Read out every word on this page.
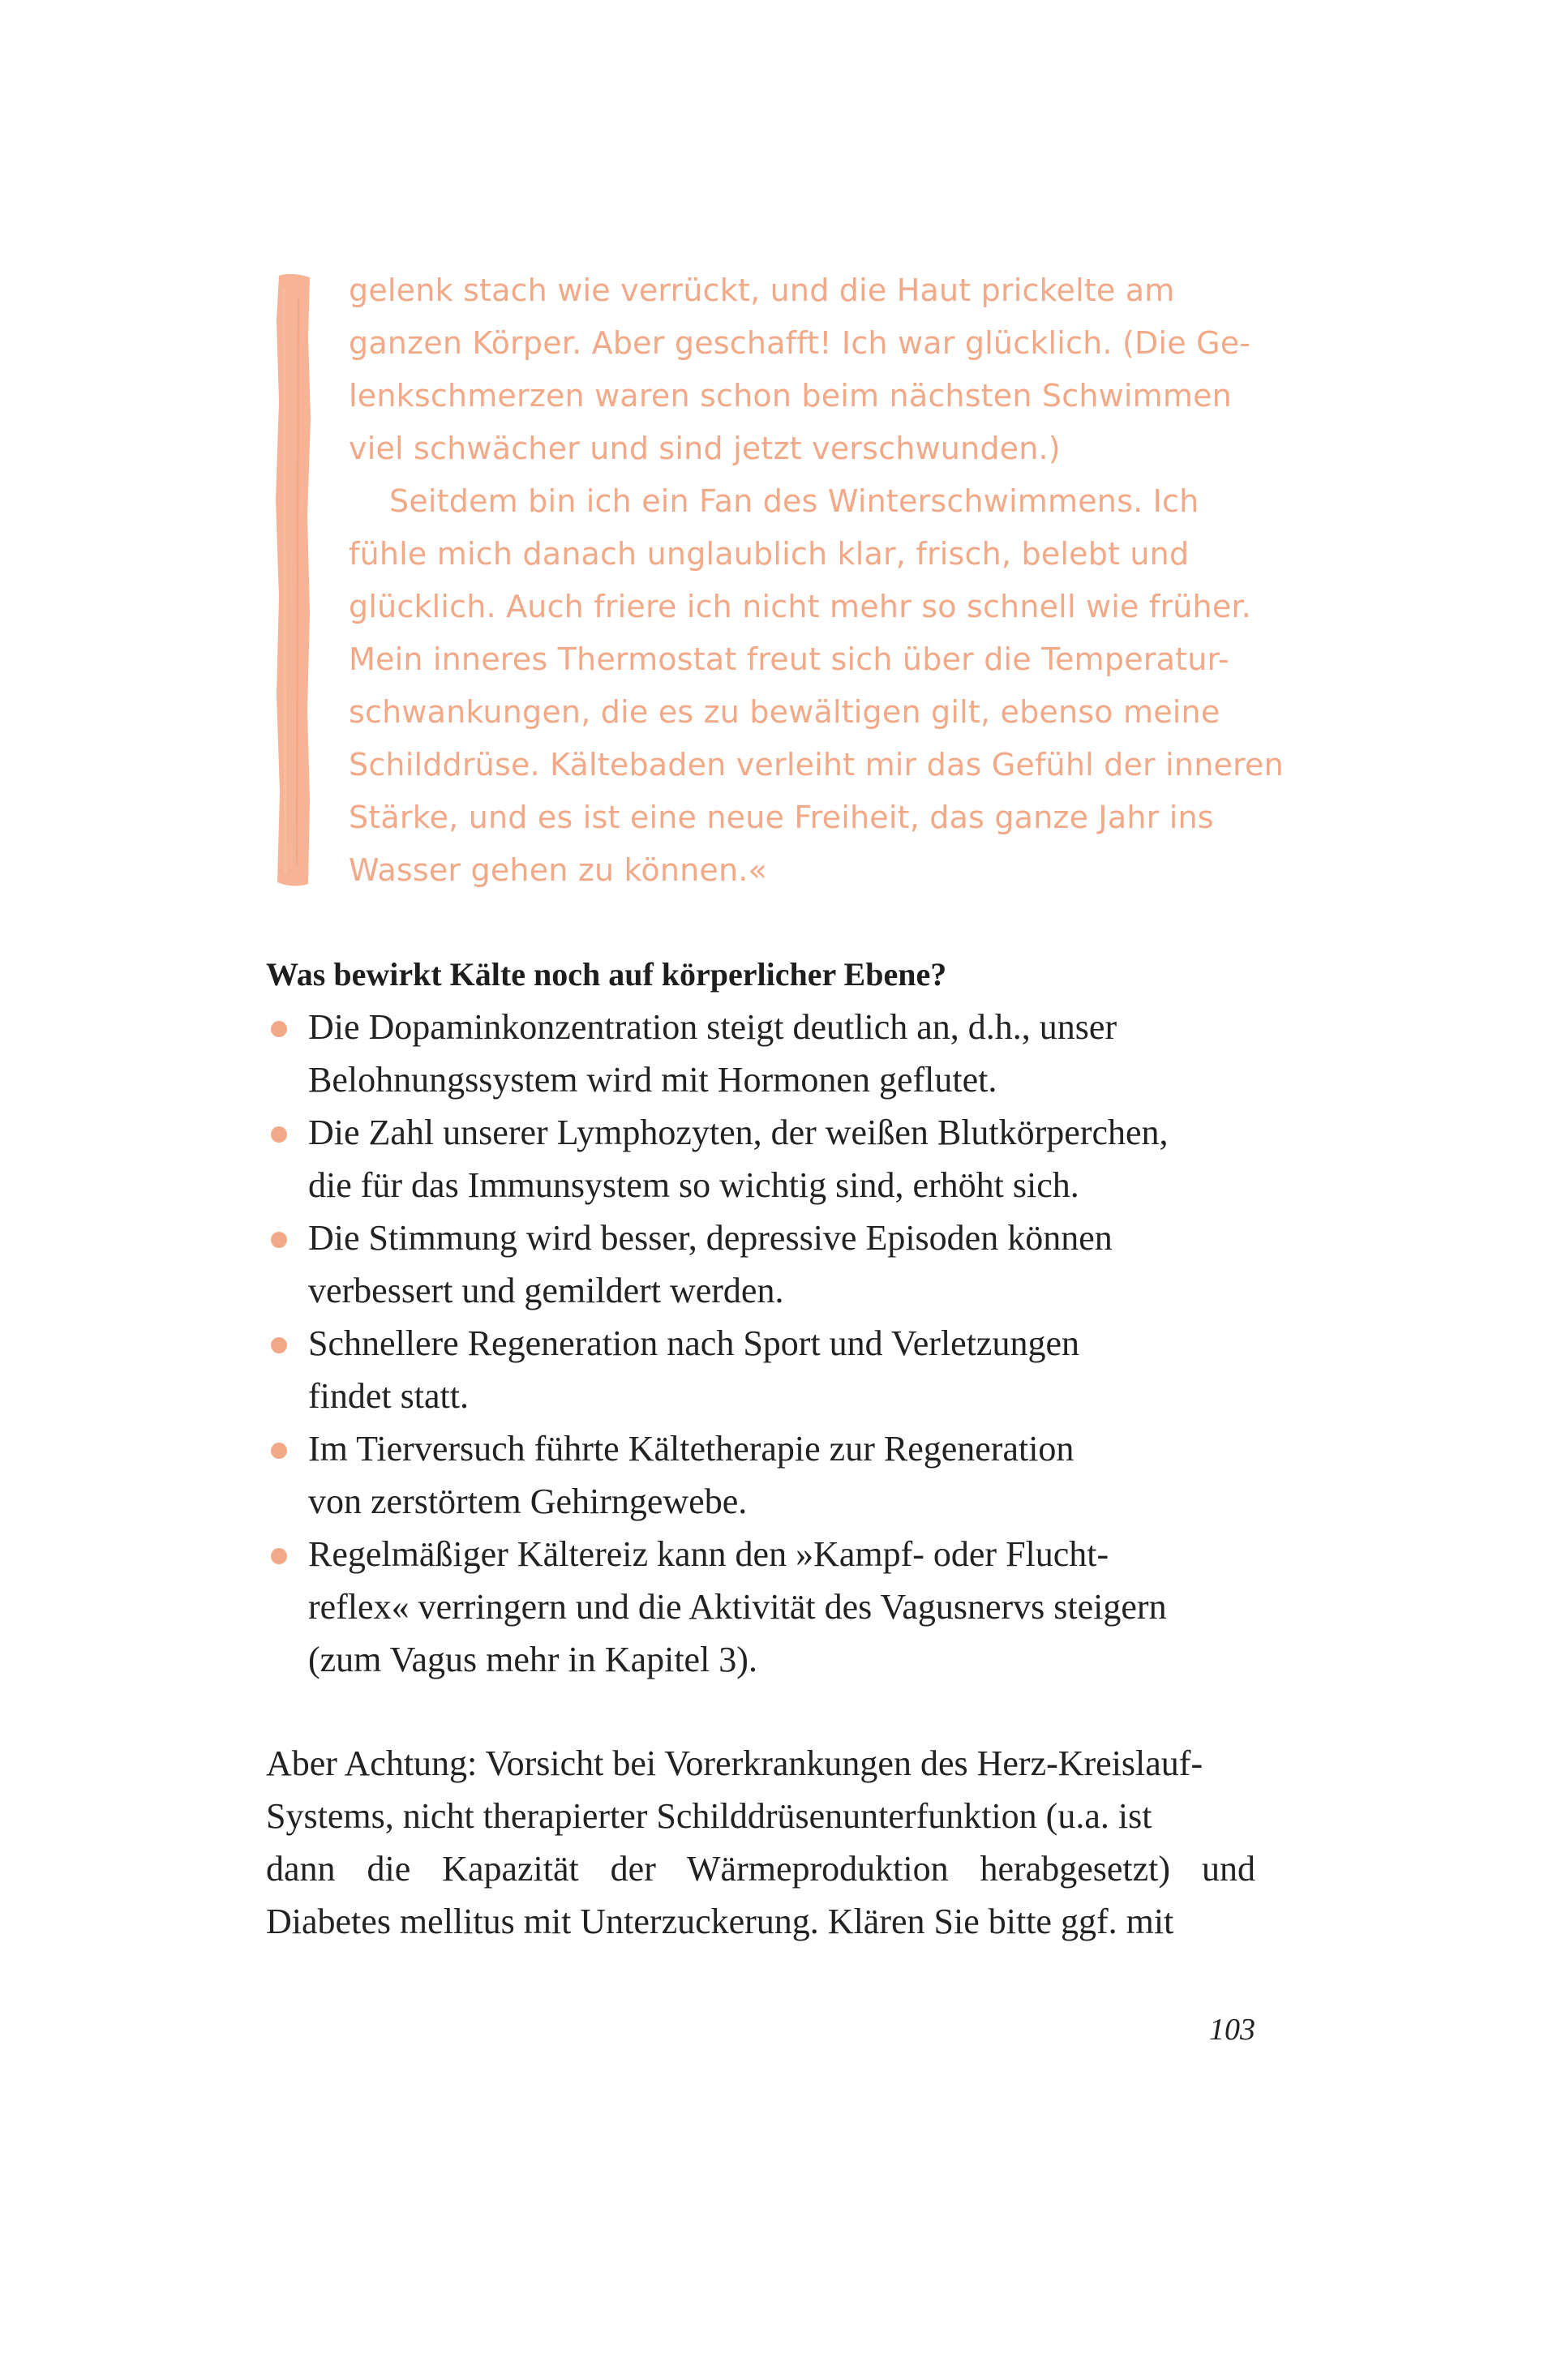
gelenk stach wie verrückt, und die Haut prickelte am
ganzen Körper. Aber geschafft! Ich war glücklich. (Die Ge-
lenkschmerzen waren schon beim nächsten Schwimmen
viel schwächer und sind jetzt verschwunden.)
Seitdem bin ich ein Fan des Winterschwimmens. Ich
fühle mich danach unglaublich klar, frisch, belebt und
glücklich. Auch friere ich nicht mehr so schnell wie früher.
Mein inneres Thermostat freut sich über die Temperatur-
schwankungen, die es zu bewältigen gilt, ebenso meine
Schilddrüse. Kältebaden verleiht mir das Gefühl der inneren
Stärke, und es ist eine neue Freiheit, das ganze Jahr ins
Wasser gehen zu können.«
Was bewirkt Kälte noch auf körperlicher Ebene?
Die Dopaminkonzentration steigt deutlich an, d.h., unser
Belohnungssystem wird mit Hormonen geflutet.
Die Zahl unserer Lymphozyten, der weißen Blutkörperchen,
die für das Immunsystem so wichtig sind, erhöht sich.
Die Stimmung wird besser, depressive Episoden können
verbessert und gemildert werden.
Schnellere Regeneration nach Sport und Verletzungen
findet statt.
Im Tierversuch führte Kältetherapie zur Regeneration
von zerstörtem Gehirngewebe.
Regelmäßiger Kältereiz kann den »Kampf- oder Flucht-
reflex« verringern und die Aktivität des Vagusnervs steigern
(zum Vagus mehr in Kapitel 3).
Aber Achtung: Vorsicht bei Vorerkrankungen des Herz-Kreislauf-
Systems, nicht therapierter Schilddrüsenunterfunktion (u.a. ist
dann die Kapazität der Wärmeproduktion herabgesetzt) und
Diabetes mellitus mit Unterzuckerung. Klären Sie bitte ggf. mit
103
